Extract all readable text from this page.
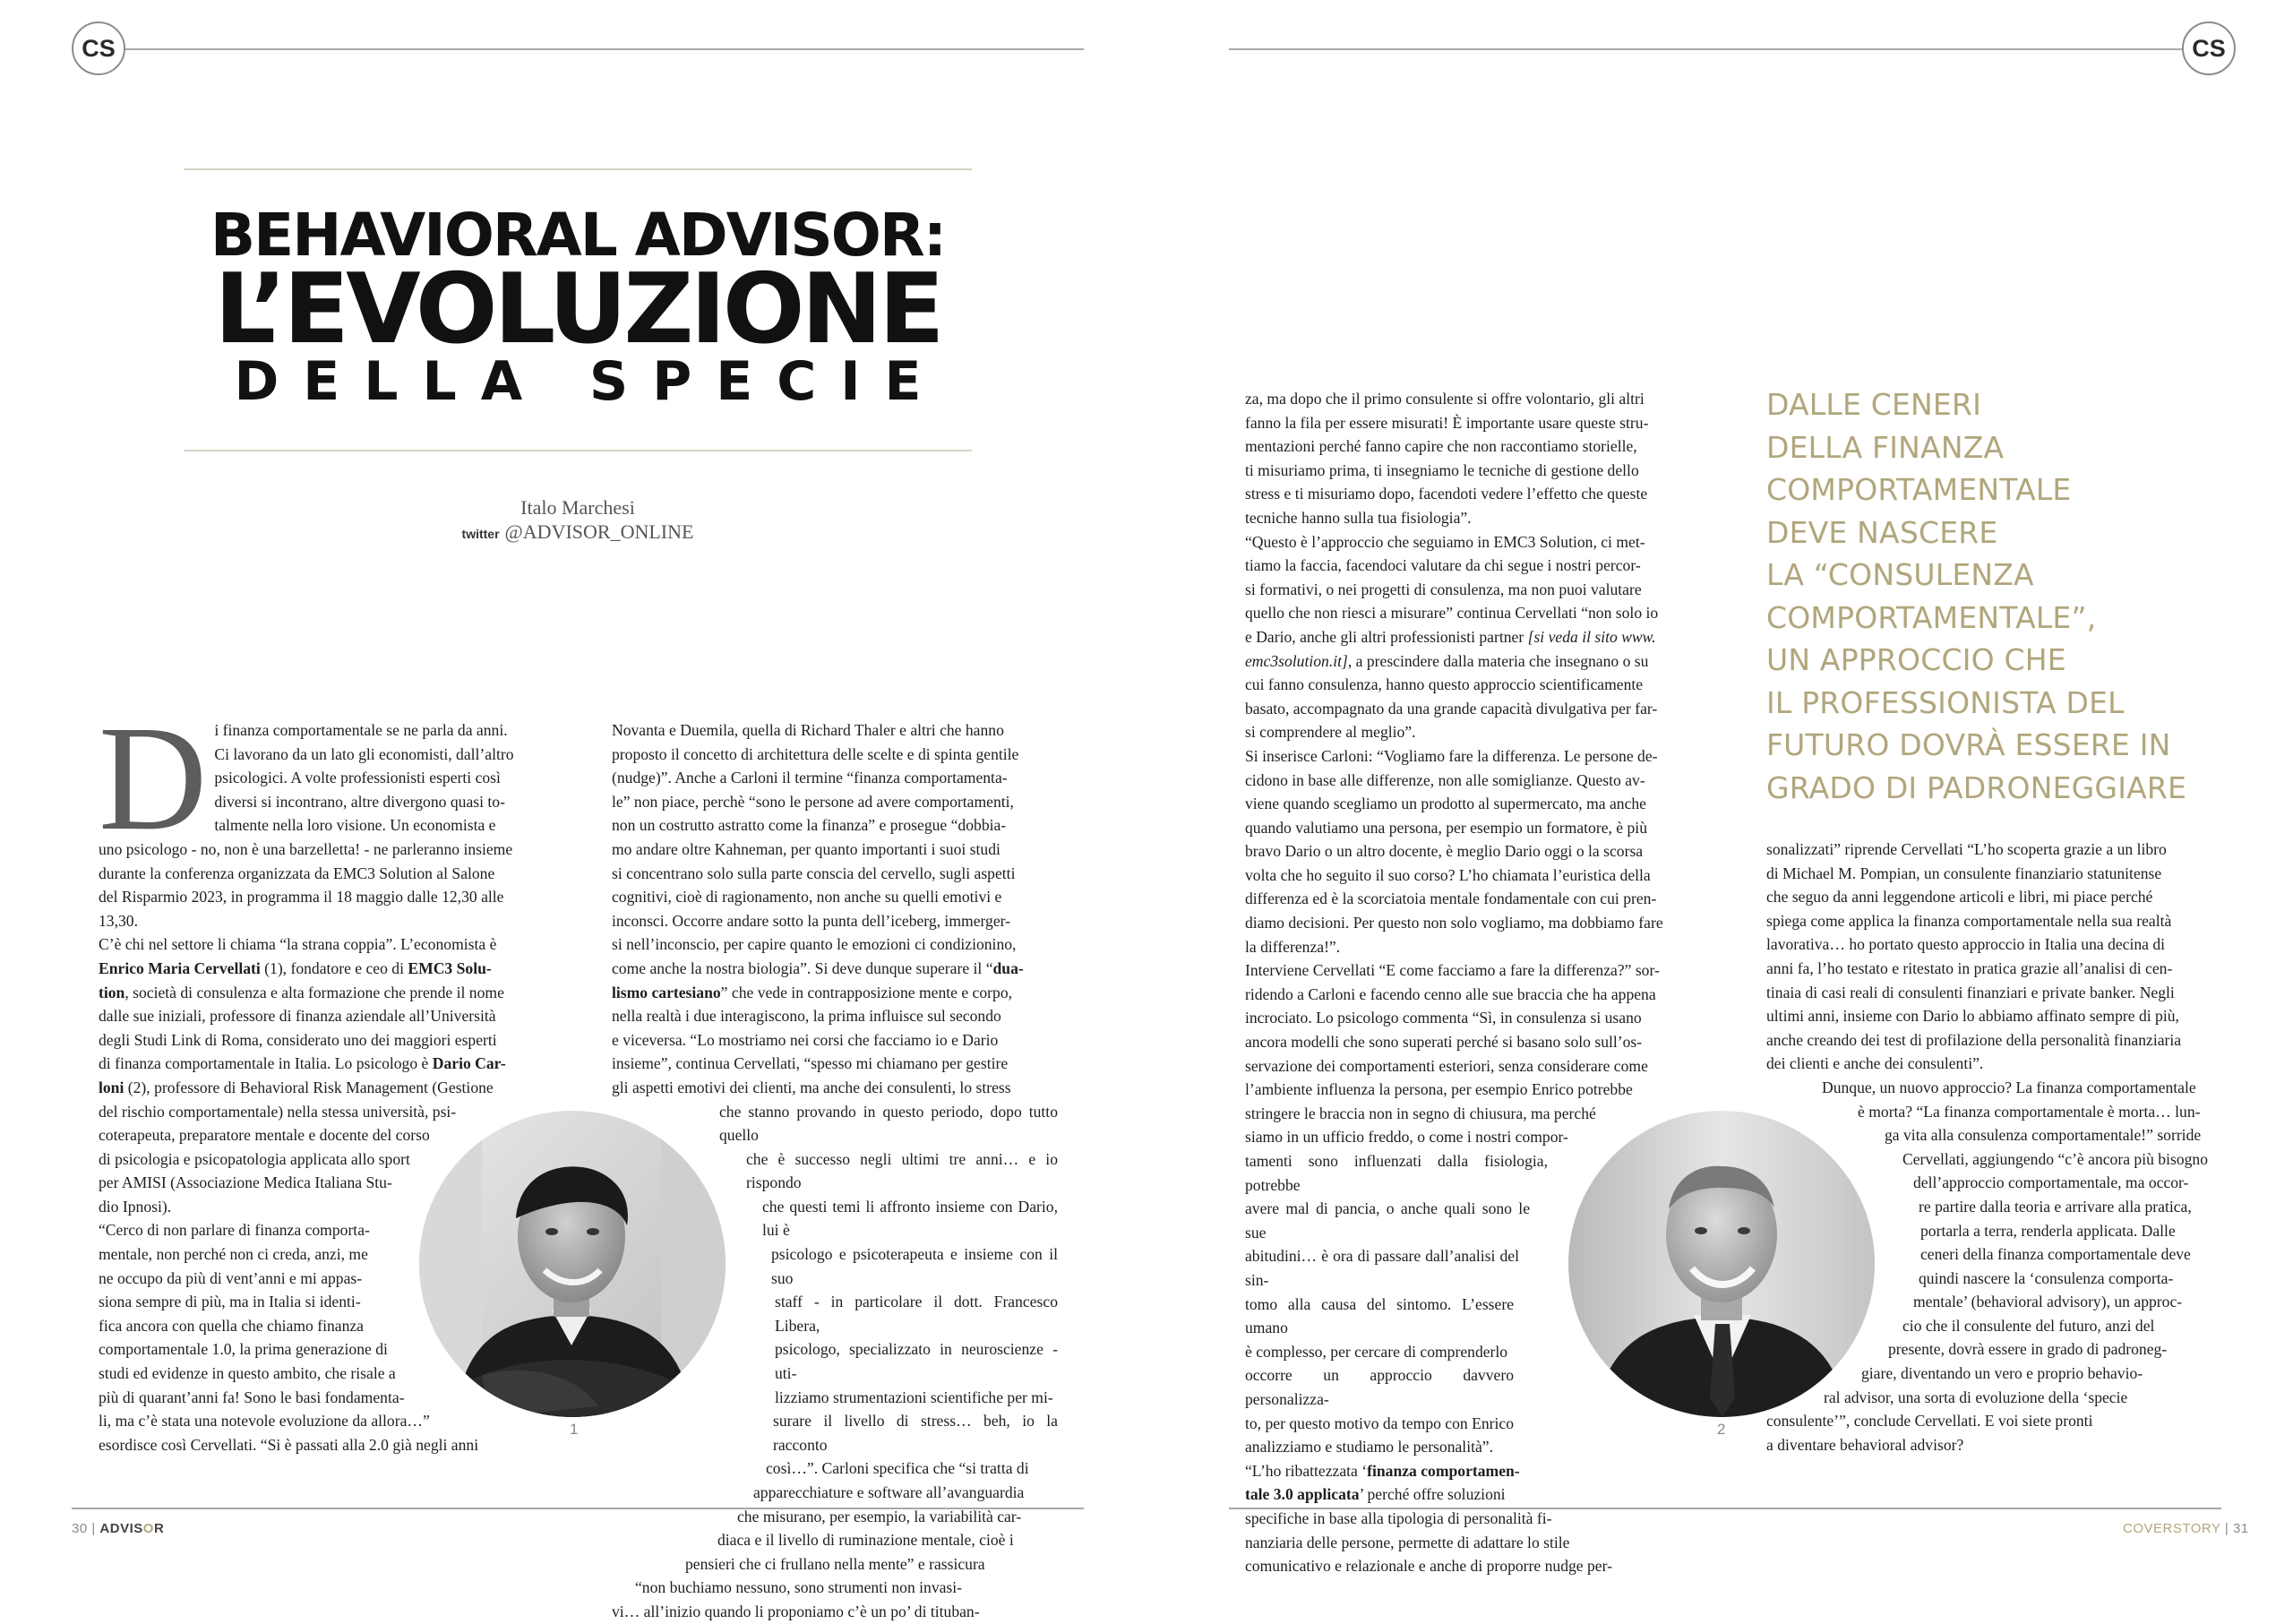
CS	CS
BEHAVIORAL ADVISOR:
L’EVOLUZIONE
DELLA SPECIE
Italo Marchesi
twitter @ADVISOR_ONLINE
D i finanza comportamentale se ne parla da anni.

Ci lavorano da un lato gli economisti, dall’altro

psicologici. A volte professionisti esperti così

diversi si incontrano, altre divergono quasi to-

talmente nella loro visione. Un economista e

uno psicologo - no, non è una barzelletta! - ne parleranno insieme

durante la conferenza organizzata da EMC3 Solution al Salone

del Risparmio 2023, in programma il 18 maggio dalle 12,30 alle

13,30.

C’è chi nel settore li chiama “la strana coppia”. L’economista è

Enrico Maria Cervellati (1), fondatore e ceo di EMC3 Solu-

tion, società di consulenza e alta formazione che prende il nome

dalle sue iniziali, professore di finanza aziendale all’Università

degli Studi Link di Roma, considerato uno dei maggiori esperti

di finanza comportamentale in Italia. Lo psicologo è Dario Car-

loni (2), professore di Behavioral Risk Management (Gestione

del rischio comportamentale) nella stessa università, psi-

coterapeuta, preparatore mentale e docente del corso

di psicologia e psicopatologia applicata allo sport

per AMISI (Associazione Medica Italiana Stu-

dio Ipnosi).

“Cerco di non parlare di finanza comporta-

mentale, non perché non ci creda, anzi, me

ne occupo da più di vent’anni e mi appas-

siona sempre di più, ma in Italia si identi-

fica ancora con quella che chiamo finanza

comportamentale 1.0, la prima generazione di

studi ed evidenze in questo ambito, che risale a

più di quarant’anni fa! Sono le basi fondamenta-

li, ma c’è stata una notevole evoluzione da allora…”

esordisce così Cervellati. “Si è passati alla 2.0 già negli anni

Novanta e Duemila, quella di Richard Thaler e altri che hanno

proposto il concetto di architettura delle scelte e di spinta gentile

(nudge)”. Anche a Carloni il termine “finanza comportamenta-

le” non piace, perchè “sono le persone ad avere comportamenti,

non un costrutto astratto come la finanza” e prosegue “dobbia-

mo andare oltre Kahneman, per quanto importanti i suoi studi

si concentrano solo sulla parte conscia del cervello, sugli aspetti

cognitivi, cioè di ragionamento, non anche su quelli emotivi e

inconsci. Occorre andare sotto la punta dell’iceberg, immerger-

si nell’inconscio, per capire quanto le emozioni ci condizionino,

come anche la nostra biologia”. Si deve dunque superare il “dua-

lismo cartesiano” che vede in contrapposizione mente e corpo,

nella realtà i due interagiscono, la prima influisce sul secondo

e viceversa. “Lo mostriamo nei corsi che facciamo io e Dario

insieme”, continua Cervellati, “spesso mi chiamano per gestire

gli aspetti emotivi dei clienti, ma anche dei consulenti, lo stress

che stanno provando in questo periodo, dopo tutto quello

che è successo negli ultimi tre anni… e io rispondo

che questi temi li affronto insieme con Dario, lui è

psicologo e psicoterapeuta e insieme con il suo

staff - in particolare il dott. Francesco Libera,

psicologo, specializzato in neuroscienze - uti-

lizziamo strumentazioni scientifiche per mi-

surare il livello di stress… beh, io la racconto

così…”. Carloni specifica che “si tratta di

apparecchiature e software all’avanguardia

che misurano, per esempio, la variabilità car-

diaca e il livello di ruminazione mentale, cioè i

pensieri che ci frullano nella mente” e rassicura

“non buchiamo nessuno, sono strumenti non invasi-

vi… all’inizio quando li proponiamo c’è un po’ di tituban-

za, ma dopo che il primo consulente si offre volontario, gli altri

fanno la fila per essere misurati! È importante usare queste stru-

mentazioni perché fanno capire che non raccontiamo storielle,

ti misuriamo prima, ti insegniamo le tecniche di gestione dello

stress e ti misuriamo dopo, facendoti vedere l’effetto che queste

tecniche hanno sulla tua fisiologia”.

“Questo è l’approccio che seguiamo in EMC3 Solution, ci met-

tiamo la faccia, facendoci valutare da chi segue i nostri percor-

si formativi, o nei progetti di consulenza, ma non puoi valutare

quello che non riesci a misurare” continua Cervellati “non solo io

e Dario, anche gli altri professionisti partner [si veda il sito www.

emc3solution.it], a prescindere dalla materia che insegnano o su

cui fanno consulenza, hanno questo approccio scientificamente

basato, accompagnato da una grande capacità divulgativa per far-

si comprendere al meglio”.

Si inserisce Carloni: “Vogliamo fare la differenza. Le persone de-

cidono in base alle differenze, non alle somiglianze. Questo av-

viene quando scegliamo un prodotto al supermercato, ma anche

quando valutiamo una persona, per esempio un formatore, è più

bravo Dario o un altro docente, è meglio Dario oggi o la scorsa

volta che ho seguito il suo corso? L’ho chiamata l’euristica della

differenza ed è la scorciatoia mentale fondamentale con cui pren-

diamo decisioni. Per questo non solo vogliamo, ma dobbiamo fare

la differenza!”.

Interviene Cervellati “E come facciamo a fare la differenza?” sor-

ridendo a Carloni e facendo cenno alle sue braccia che ha appena

incrociato. Lo psicologo commenta “Sì, in consulenza si usano

ancora modelli che sono superati perché si basano solo sull’os-

servazione dei comportamenti esteriori, senza considerare come

l’ambiente influenza la persona, per esempio Enrico potrebbe

stringere le braccia non in segno di chiusura, ma perché

siamo in un ufficio freddo, o come i nostri compor-

tamenti sono influenzati dalla fisiologia, potrebbe

avere mal di pancia, o anche quali sono le sue

abitudini… è ora di passare dall’analisi del sin-

tomo alla causa del sintomo. L’essere umano

è complesso, per cercare di comprenderlo

occorre un approccio davvero personalizza-

to, per questo motivo da tempo con Enrico

analizziamo e studiamo le personalità”.

“L’ho ribattezzata ‘finanza comportamen-

tale 3.0 applicata’ perché offre soluzioni

specifiche in base alla tipologia di personalità fi-

nanziaria delle persone, permette di adattare lo stile

comunicativo e relazionale e anche di proporre nudge per-

sonalizzati” riprende Cervellati “L’ho scoperta grazie a un libro

di Michael M. Pompian, un consulente finanziario statunitense

che seguo da anni leggendone articoli e libri, mi piace perché

spiega come applica la finanza comportamentale nella sua realtà

lavorativa… ho portato questo approccio in Italia una decina di

anni fa, l’ho testato e ritestato in pratica grazie all’analisi di cen-

tinaia di casi reali di consulenti finanziari e private banker. Negli

ultimi anni, insieme con Dario lo abbiamo affinato sempre di più,

anche creando dei test di profilazione della personalità finanziaria

dei clienti e anche dei consulenti”.

Dunque, un nuovo approccio? La finanza comportamentale

è morta? “La finanza comportamentale è morta… lun-

ga vita alla consulenza comportamentale!” sorride

Cervellati, aggiungendo “c’è ancora più bisogno

dell’approccio comportamentale, ma occor-

re partire dalla teoria e arrivare alla pratica,

portarla a terra, renderla applicata. Dalle

ceneri della finanza comportamentale deve

quindi nascere la ‘consulenza comporta-

mentale’ (behavioral advisory), un approc-

cio che il consulente del futuro, anzi del

presente, dovrà essere in grado di padroneg-

giare, diventando un vero e proprio behavio-

ral advisor, una sorta di evoluzione della ‘specie

consulente’”, conclude Cervellati. E voi siete pronti

a diventare behavioral advisor?

1	2
DALLE CENERI
DELLA FINANZA
COMPORTAMENTALE
DEVE NASCERE
LA “CONSULENZA
COMPORTAMENTALE”,
UN APPROCCIO CHE
IL PROFESSIONISTA DEL
FUTURO DOVRÀ ESSERE IN
GRADO DI PADRONEGGIARE
30 | ADVISOR	COVERSTORY | 31
